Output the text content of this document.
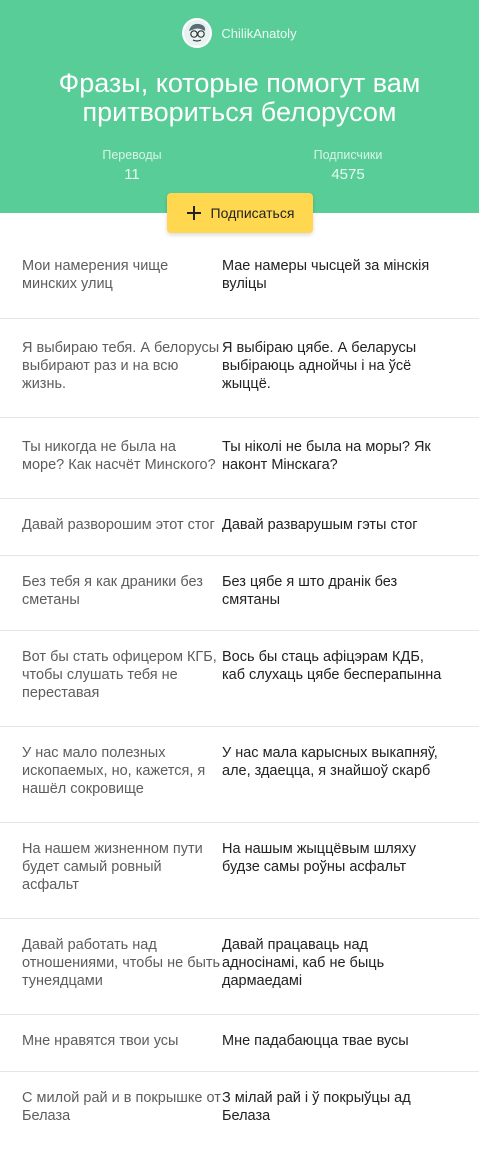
ChilikAnatoly
Фразы, которые помогут вам притвориться белорусом
Переводы
11
Подписчики
4575
Подписаться
Мои намерения чище минских улиц
Мае намеры чысцей за мінскія вуліцы
Я выбираю тебя. А белорусы выбирают раз и на всю жизнь.
Я выбіраю цябе. А беларусы выбіраюць аднойчы і на ўсё жыццё.
Ты никогда не была на море? Как насчёт Минского?
Ты ніколі не была на моры? Як наконт Мінскага?
Давай разворошим этот стог Давай разварушым гэты стог
Без тебя я как драники без сметаны
Без цябе я што дранік без смятаны
Вот бы стать офицером КГБ, чтобы слушать тебя не переставая
Вось бы стаць афіцэрам КДБ, каб слухаць цябе бесперапынна
У нас мало полезных ископаемых, но, кажется, я нашёл сокровище
У нас мала карысных выкапняў, але, здаецца, я знайшоў скарб
На нашем жизненном пути будет самый ровный асфальт
На нашым жыццёвым шляху будзе самы роўны асфальт
Давай работать над отношениями, чтобы не быть тунеядцами
Давай працаваць над адносінамі, каб не быць дармаедамі
Мне нравятся твои усы	Мне падабаюцца твае вусы
С милой рай и в покрышке от Белаза
З мілай рай і ў покрыўцы ад Белаза
